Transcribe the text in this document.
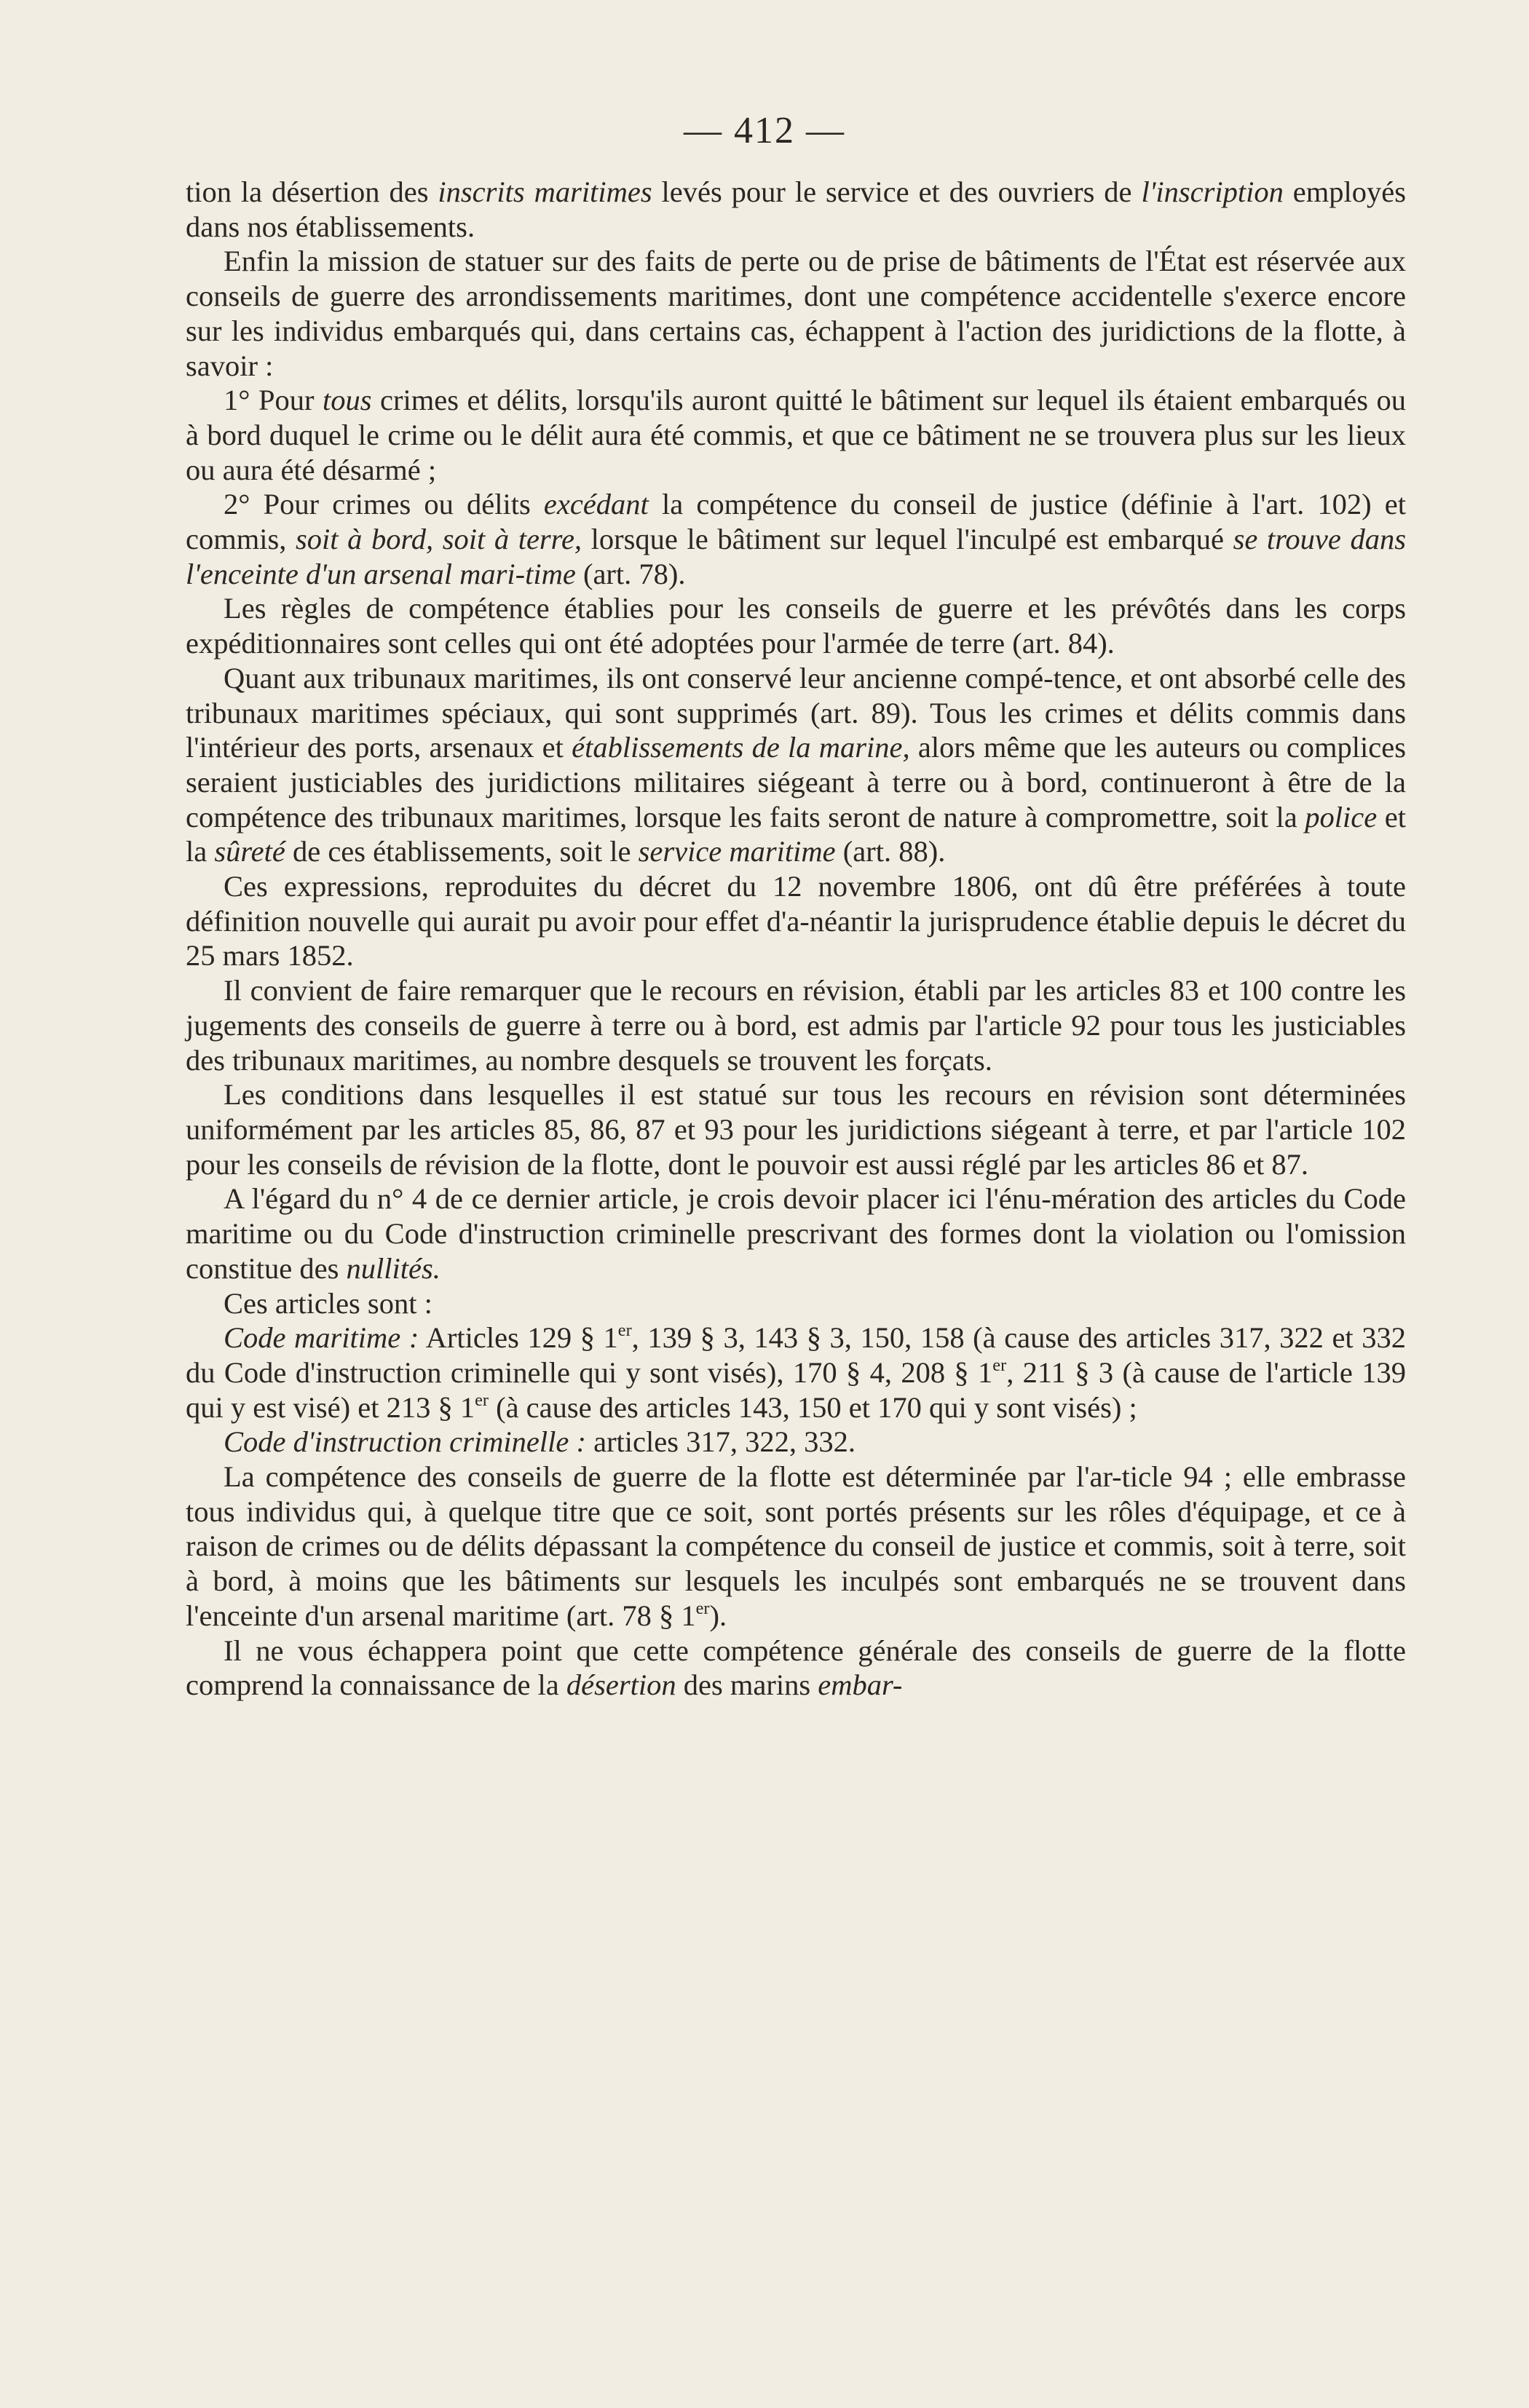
— 412 —

tion la désertion des inscrits maritimes levés pour le service et des ouvriers de l'inscription employés dans nos établissements.

Enfin la mission de statuer sur des faits de perte ou de prise de bâtiments de l'État est réservée aux conseils de guerre des arrondissements maritimes, dont une compétence accidentelle s'exerce encore sur les individus embarqués qui, dans certains cas, échappent à l'action des juridictions de la flotte, à savoir :

1° Pour tous crimes et délits, lorsqu'ils auront quitté le bâtiment sur lequel ils étaient embarqués ou à bord duquel le crime ou le délit aura été commis, et que ce bâtiment ne se trouvera plus sur les lieux ou aura été désarmé ;

2° Pour crimes ou délits excédant la compétence du conseil de justice (définie à l'art. 102) et commis, soit à bord, soit à terre, lorsque le bâtiment sur lequel l'inculpé est embarqué se trouve dans l'enceinte d'un arsenal mari-time (art. 78).

Les règles de compétence établies pour les conseils de guerre et les prévôtés dans les corps expéditionnaires sont celles qui ont été adoptées pour l'armée de terre (art. 84).

Quant aux tribunaux maritimes, ils ont conservé leur ancienne compé-tence, et ont absorbé celle des tribunaux maritimes spéciaux, qui sont supprimés (art. 89). Tous les crimes et délits commis dans l'intérieur des ports, arsenaux et établissements de la marine, alors même que les auteurs ou complices seraient justiciables des juridictions militaires siégeant à terre ou à bord, continueront à être de la compétence des tribunaux maritimes, lorsque les faits seront de nature à compromettre, soit la police et la sûreté de ces établissements, soit le service maritime (art. 88).

Ces expressions, reproduites du décret du 12 novembre 1806, ont dû être préférées à toute définition nouvelle qui aurait pu avoir pour effet d'a-néantir la jurisprudence établie depuis le décret du 25 mars 1852.

Il convient de faire remarquer que le recours en révision, établi par les articles 83 et 100 contre les jugements des conseils de guerre à terre ou à bord, est admis par l'article 92 pour tous les justiciables des tribunaux maritimes, au nombre desquels se trouvent les forçats.

Les conditions dans lesquelles il est statué sur tous les recours en révision sont déterminées uniformément par les articles 85, 86, 87 et 93 pour les juridictions siégeant à terre, et par l'article 102 pour les conseils de révision de la flotte, dont le pouvoir est aussi réglé par les articles 86 et 87.

A l'égard du n° 4 de ce dernier article, je crois devoir placer ici l'énu-mération des articles du Code maritime ou du Code d'instruction criminelle prescrivant des formes dont la violation ou l'omission constitue des nullités.

Ces articles sont :

Code maritime : Articles 129 § 1er, 139 § 3, 143 § 3, 150, 158 (à cause des articles 317, 322 et 332 du Code d'instruction criminelle qui y sont visés), 170 § 4, 208 § 1er, 211 § 3 (à cause de l'article 139 qui y est visé) et 213 § 1er (à cause des articles 143, 150 et 170 qui y sont visés) ;

Code d'instruction criminelle : articles 317, 322, 332.

La compétence des conseils de guerre de la flotte est déterminée par l'ar-ticle 94 ; elle embrasse tous individus qui, à quelque titre que ce soit, sont portés présents sur les rôles d'équipage, et ce à raison de crimes ou de délits dépassant la compétence du conseil de justice et commis, soit à terre, soit à bord, à moins que les bâtiments sur lesquels les inculpés sont embarqués ne se trouvent dans l'enceinte d'un arsenal maritime (art. 78 § 1er).

Il ne vous échappera point que cette compétence générale des conseils de guerre de la flotte comprend la connaissance de la désertion des marins embar-
